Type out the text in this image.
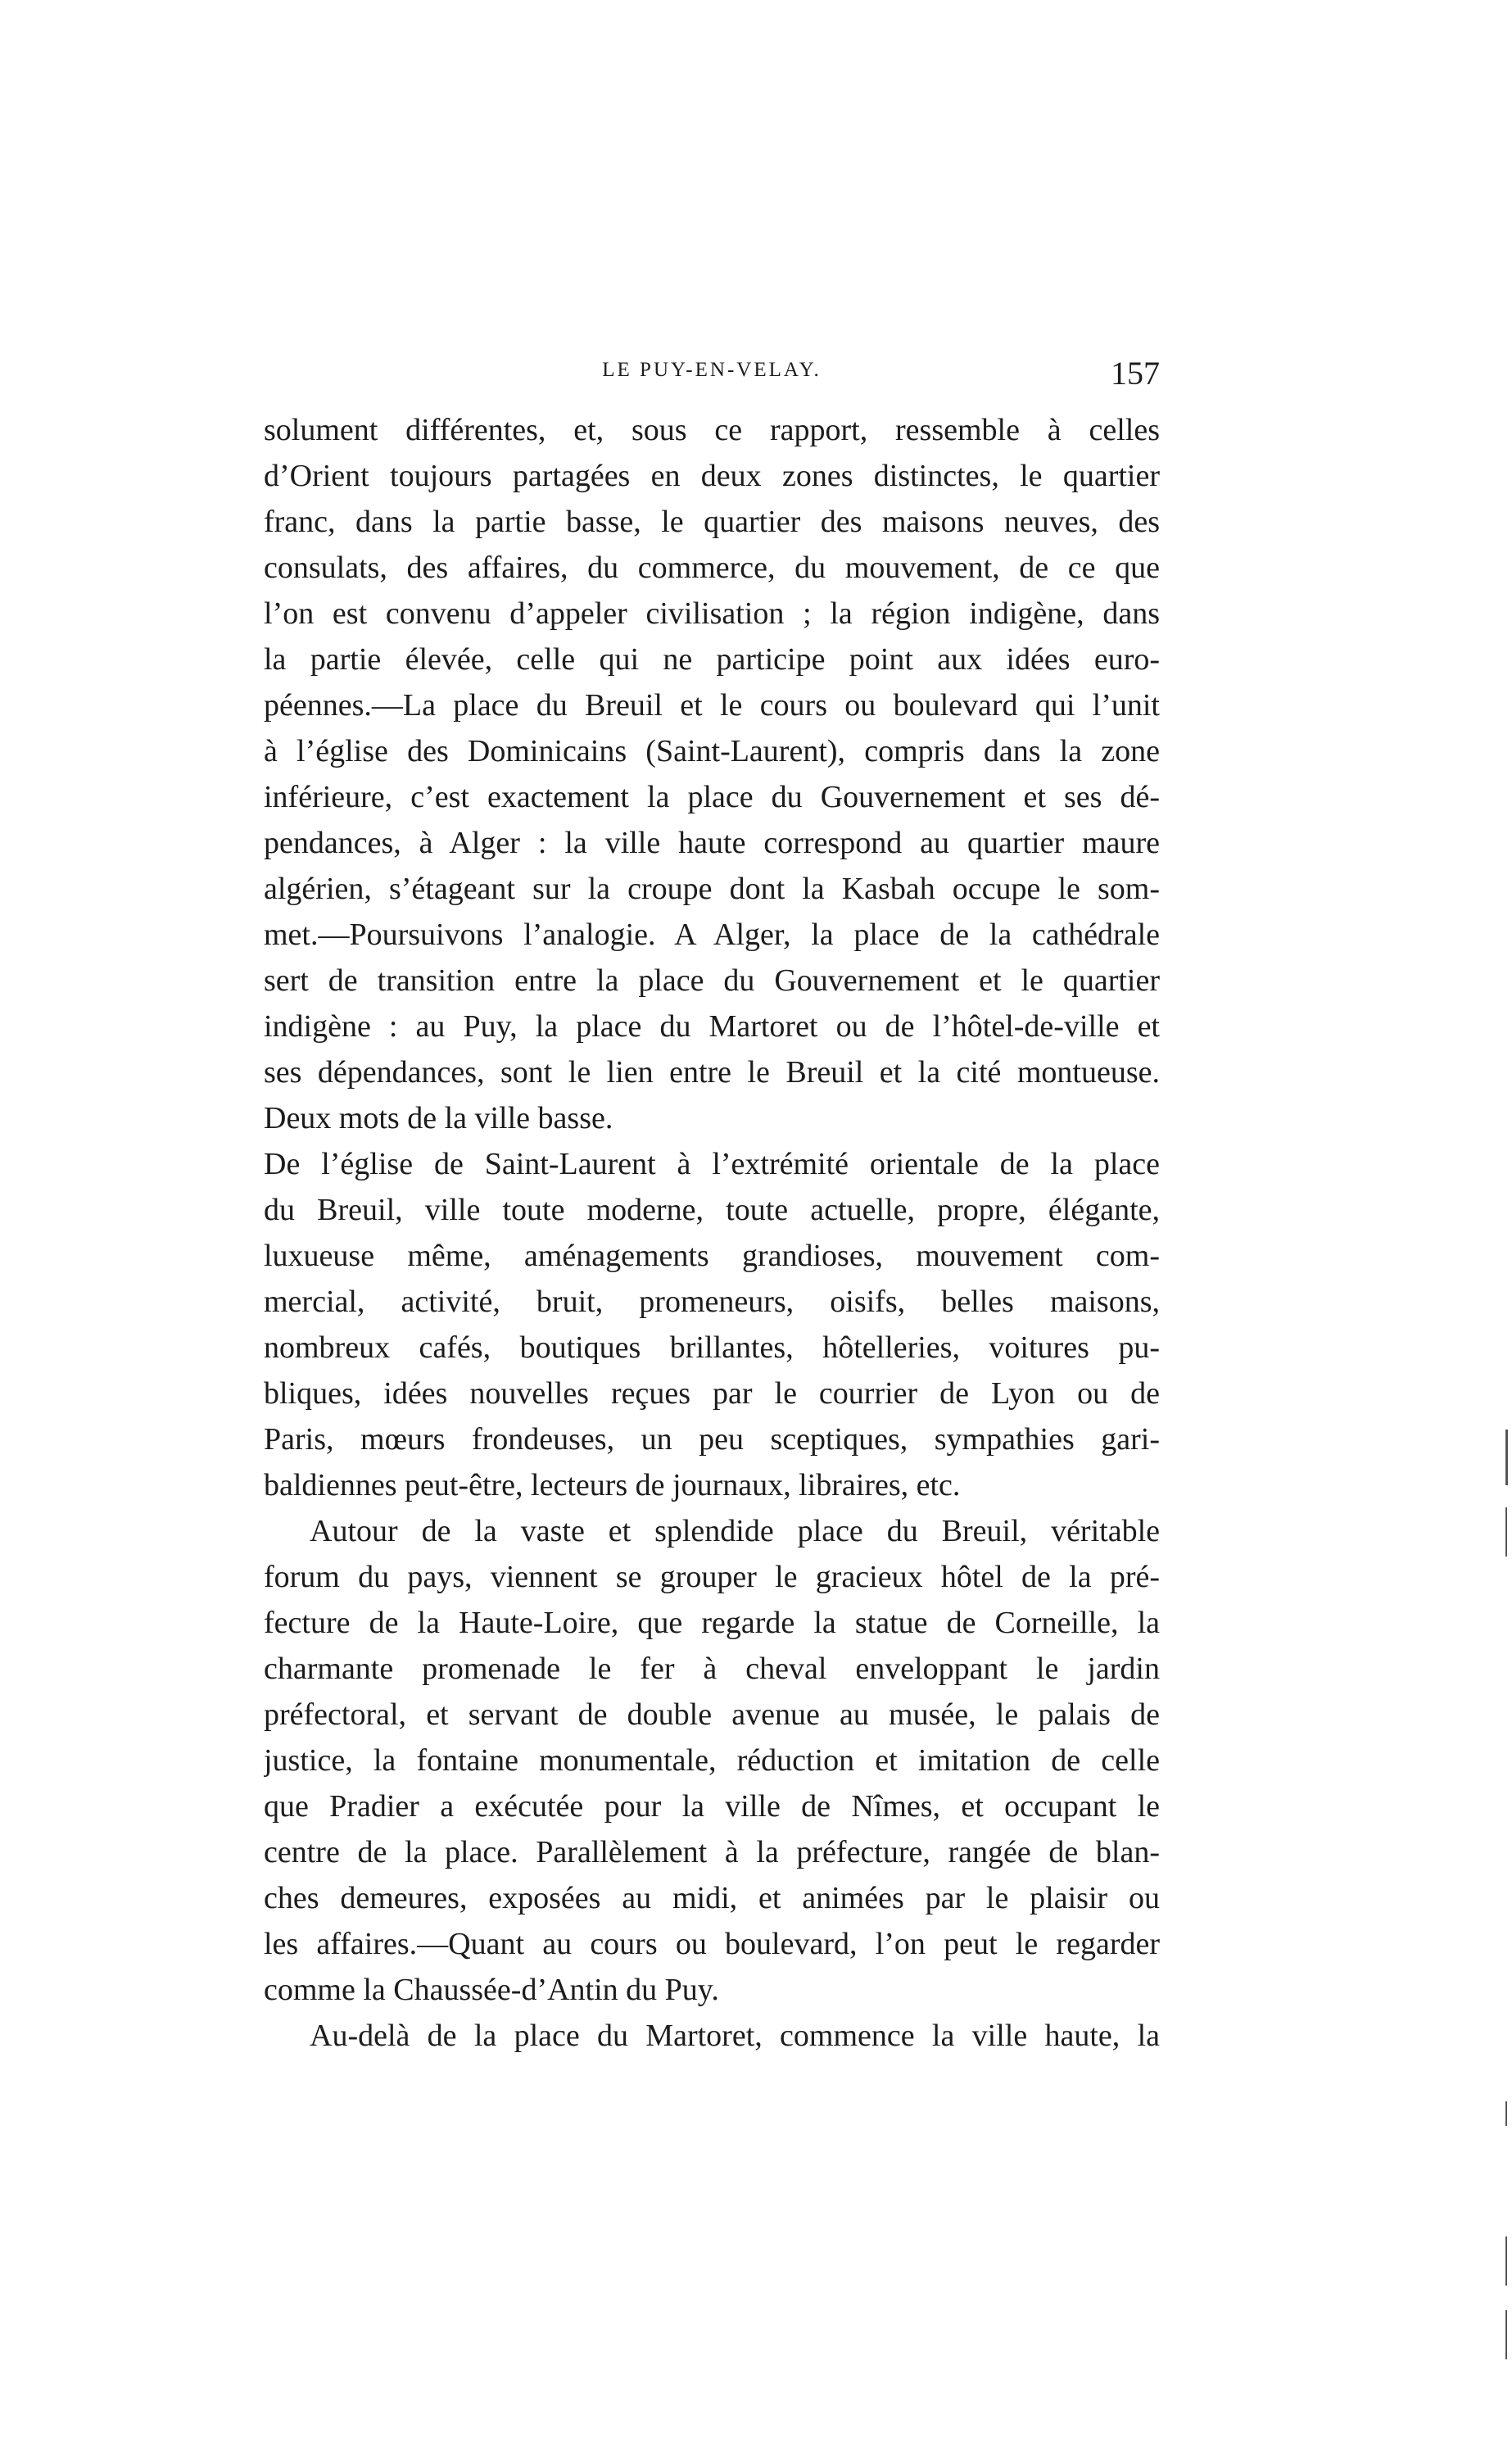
LE PUY-EN-VELAY.	157
solument différentes, et, sous ce rapport, ressemble à celles
d’Orient toujours partagées en deux zones distinctes, le quartier
franc, dans la partie basse, le quartier des maisons neuves, des
consulats, des affaires, du commerce, du mouvement, de ce que
l’on est convenu d’appeler civilisation ; la région indigène, dans
la partie élevée, celle qui ne participe point aux idées euro-
péennes.—La place du Breuil et le cours ou boulevard qui l’unit
à l’église des Dominicains (Saint-Laurent), compris dans la zone
inférieure, c’est exactement la place du Gouvernement et ses dé-
pendances, à Alger : la ville haute correspond au quartier maure
algérien, s’étageant sur la croupe dont la Kasbah occupe le som-
met.—Poursuivons l’analogie. A Alger, la place de la cathédrale
sert de transition entre la place du Gouvernement et le quartier
indigène : au Puy, la place du Martoret ou de l’hôtel-de-ville et
ses dépendances, sont le lien entre le Breuil et la cité montueuse.
Deux mots de la ville basse.
De l’église de Saint-Laurent à l’extrémité orientale de la place
du Breuil, ville toute moderne, toute actuelle, propre, élégante,
luxueuse même, aménagements grandioses, mouvement com-
mercial, activité, bruit, promeneurs, oisifs, belles maisons,
nombreux cafés, boutiques brillantes, hôtelleries, voitures pu-
bliques, idées nouvelles reçues par le courrier de Lyon ou de
Paris, mœurs frondeuses, un peu sceptiques, sympathies gari-
baldiennes peut-être, lecteurs de journaux, libraires, etc.
Autour de la vaste et splendide place du Breuil, véritable
forum du pays, viennent se grouper le gracieux hôtel de la pré-
fecture de la Haute-Loire, que regarde la statue de Corneille, la
charmante promenade le fer à cheval enveloppant le jardin
préfectoral, et servant de double avenue au musée, le palais de
justice, la fontaine monumentale, réduction et imitation de celle
que Pradier a exécutée pour la ville de Nîmes, et occupant le
centre de la place. Parallèlement à la préfecture, rangée de blan-
ches demeures, exposées au midi, et animées par le plaisir ou
les affaires.—Quant au cours ou boulevard, l’on peut le regarder
comme la Chaussée-d’Antin du Puy.
Au-delà de la place du Martoret, commence la ville haute, la
